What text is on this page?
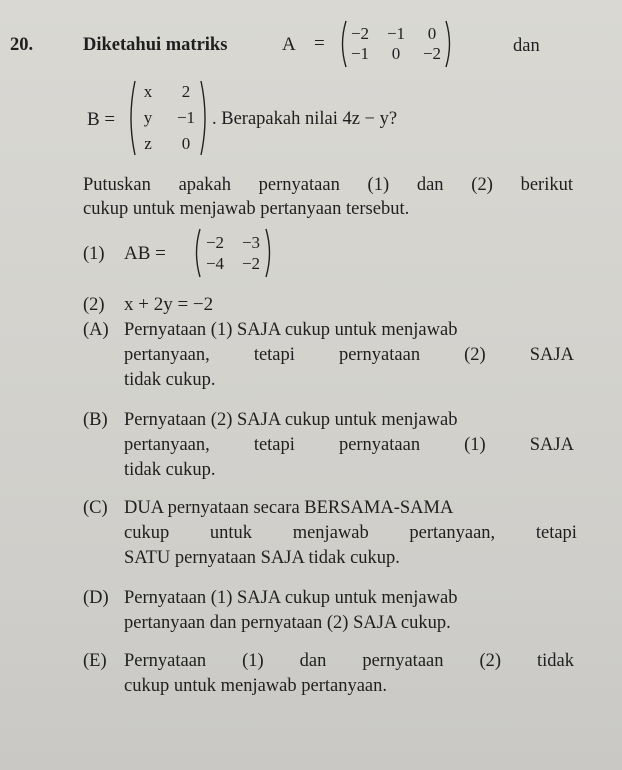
20.	Diketahui matriks	A = −2 −1 0
−1 0 −2	dan
B =
x 2
y −1
z 0
. Berapakah nilai 4z − y?
Putuskan apakah pernyataan (1) dan (2) berikut
cukup untuk menjawab pertanyaan tersebut.
(1) AB =
−2 −3
−4 −2
(2) x + 2y = −2
(A) Pernyataan (1) SAJA cukup untuk menjawab
pertanyaan, tetapi pernyataan (2) SAJA
tidak cukup.
(B) Pernyataan (2) SAJA cukup untuk menjawab
pertanyaan, tetapi pernyataan (1) SAJA
tidak cukup.
(C) DUA pernyataan secara BERSAMA-SAMA
cukup untuk menjawab pertanyaan, tetapi
SATU pernyataan SAJA tidak cukup.
(D) Pernyataan (1) SAJA cukup untuk menjawab
pertanyaan dan pernyataan (2) SAJA cukup.
(E) Pernyataan (1) dan pernyataan (2) tidak
cukup untuk menjawab pertanyaan.
